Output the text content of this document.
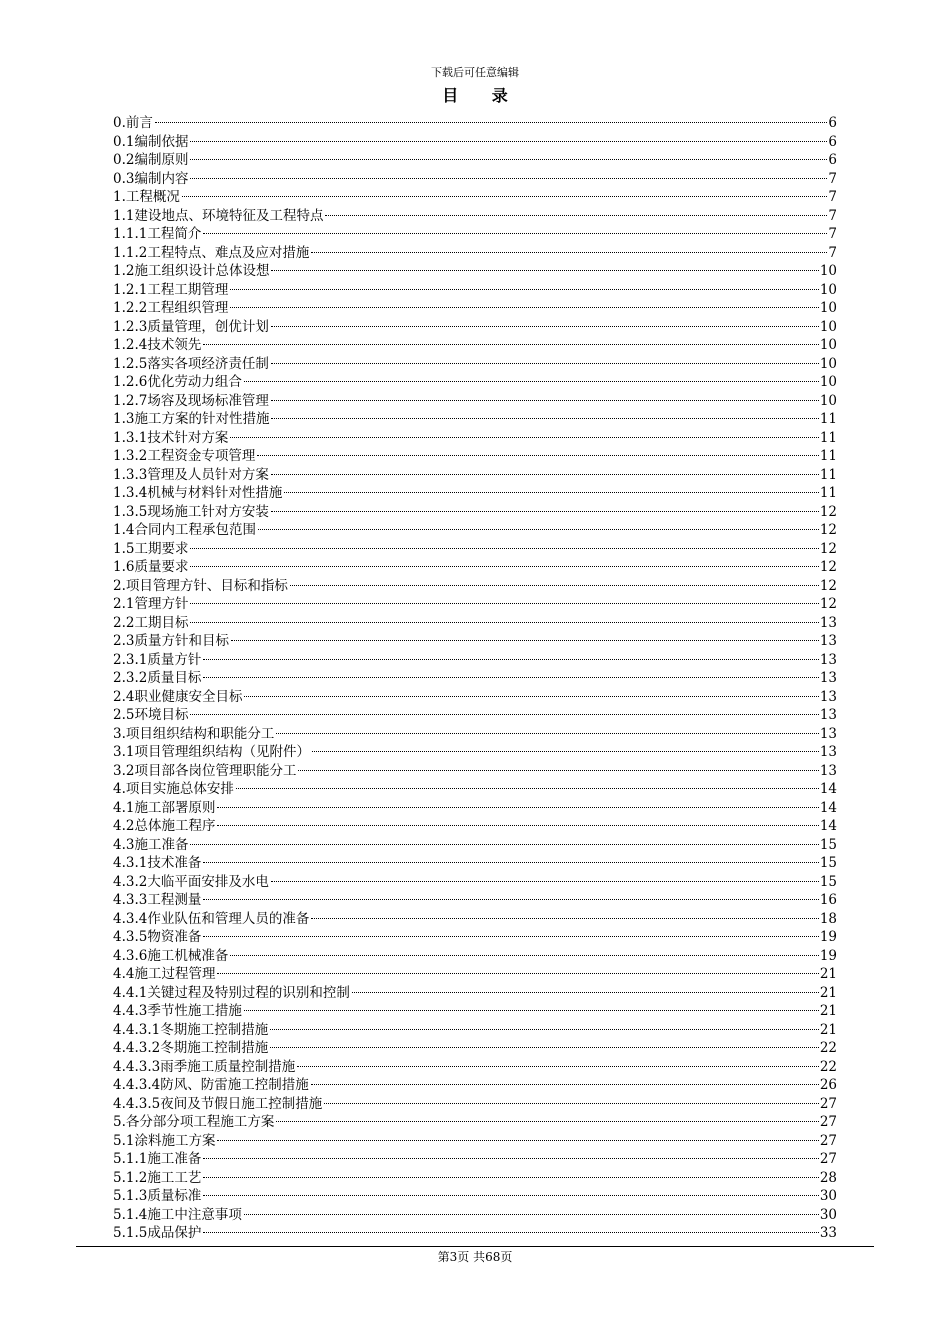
下载后可任意编辑
目 录
0.前言	6
0.1编制依据	6
0.2编制原则	6
0.3编制内容	7
1.工程概况	7
1.1建设地点、环境特征及工程特点	7
1.1.1工程简介	7
1.1.2工程特点、难点及应对措施	7
1.2施工组织设计总体设想	10
1.2.1工程工期管理	10
1.2.2工程组织管理	10
1.2.3质量管理，创优计划	10
1.2.4技术领先	10
1.2.5落实各项经济责任制	10
1.2.6优化劳动力组合	10
1.2.7场容及现场标准管理	10
1.3施工方案的针对性措施	11
1.3.1技术针对方案	11
1.3.2工程资金专项管理	11
1.3.3管理及人员针对方案	11
1.3.4机械与材料针对性措施	11
1.3.5现场施工针对方安装	12
1.4合同内工程承包范围	12
1.5工期要求	12
1.6质量要求	12
2.项目管理方针、目标和指标	12
2.1管理方针	12
2.2工期目标	13
2.3质量方针和目标	13
2.3.1质量方针	13
2.3.2质量目标	13
2.4职业健康安全目标	13
2.5环境目标	13
3.项目组织结构和职能分工	13
3.1项目管理组织结构（见附件）	13
3.2项目部各岗位管理职能分工	13
4.项目实施总体安排	14
4.1施工部署原则	14
4.2总体施工程序	14
4.3施工准备	15
4.3.1技术准备	15
4.3.2大临平面安排及水电	15
4.3.3工程测量	16
4.3.4作业队伍和管理人员的准备	18
4.3.5物资准备	19
4.3.6施工机械准备	19
4.4施工过程管理	21
4.4.1关键过程及特别过程的识别和控制	21
4.4.3季节性施工措施	21
4.4.3.1冬期施工控制措施	21
4.4.3.2冬期施工控制措施	22
4.4.3.3雨季施工质量控制措施	22
4.4.3.4防风、防雷施工控制措施	26
4.4.3.5夜间及节假日施工控制措施	27
5.各分部分项工程施工方案	27
5.1涂料施工方案	27
5.1.1施工准备	27
5.1.2施工工艺	28
5.1.3质量标准	30
5.1.4施工中注意事项	30
5.1.5成品保护	33
第3页 共68页
